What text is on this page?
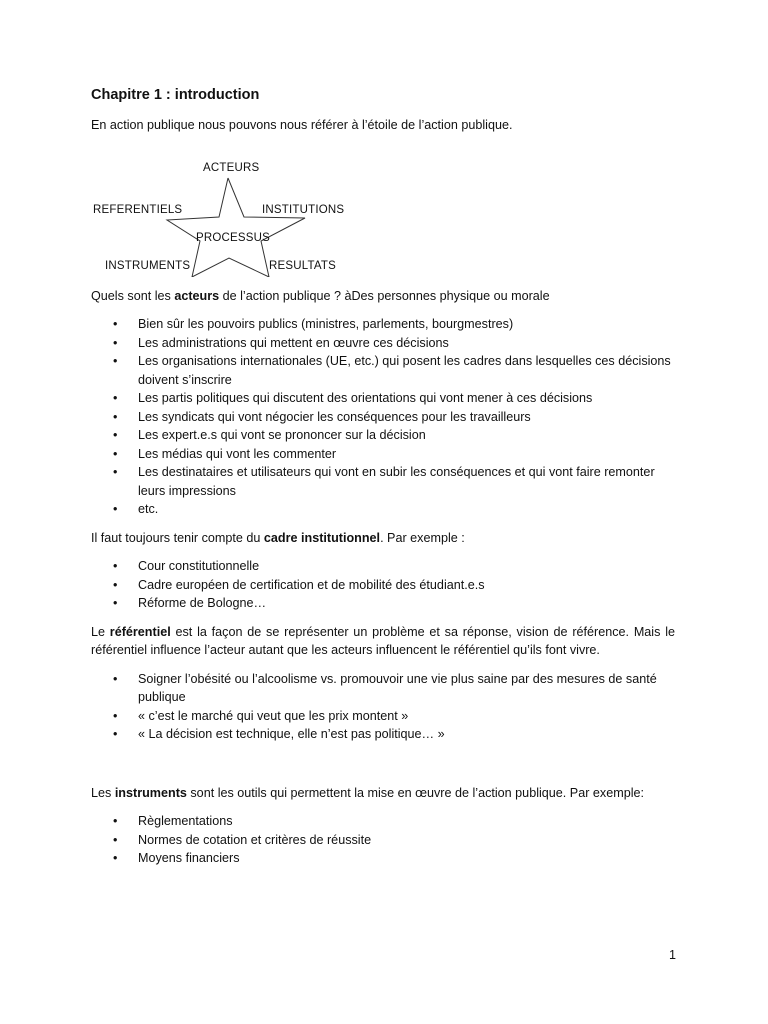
Chapitre 1 : introduction

En action publique nous pouvons nous référer à l’étoile de l’action publique.

ACTEURS
REFERENTIELS	INSTITUTIONS
PROCESSUS
INSTRUMENTS	RESULTATS

Quels sont les acteurs de l’action publique ? àDes personnes physique ou morale

• Bien sûr les pouvoirs publics (ministres, parlements, bourgmestres)
• Les administrations qui mettent en œuvre ces décisions
• Les organisations internationales (UE, etc.) qui posent les cadres dans lesquelles ces décisions doivent s’inscrire
• Les partis politiques qui discutent des orientations qui vont mener à ces décisions
• Les syndicats qui vont négocier les conséquences pour les travailleurs
• Les expert.e.s qui vont se prononcer sur la décision
• Les médias qui vont les commenter
• Les destinataires et utilisateurs qui vont en subir les conséquences et qui vont faire remonter leurs impressions
• etc.

Il faut toujours tenir compte du cadre institutionnel. Par exemple :

• Cour constitutionnelle
• Cadre européen de certification et de mobilité des étudiant.e.s
• Réforme de Bologne…

Le référentiel est la façon de se représenter un problème et sa réponse, vision de référence. Mais le référentiel influence l’acteur autant que les acteurs influencent le référentiel qu’ils font vivre.

• Soigner l’obésité ou l’alcoolisme vs. promouvoir une vie plus saine par des mesures de santé publique
• « c’est le marché qui veut que les prix montent »
• « La décision est technique, elle n’est pas politique… »

Les instruments sont les outils qui permettent la mise en œuvre de l’action publique. Par exemple:

• Règlementations
• Normes de cotation et critères de réussite
• Moyens financiers
1
